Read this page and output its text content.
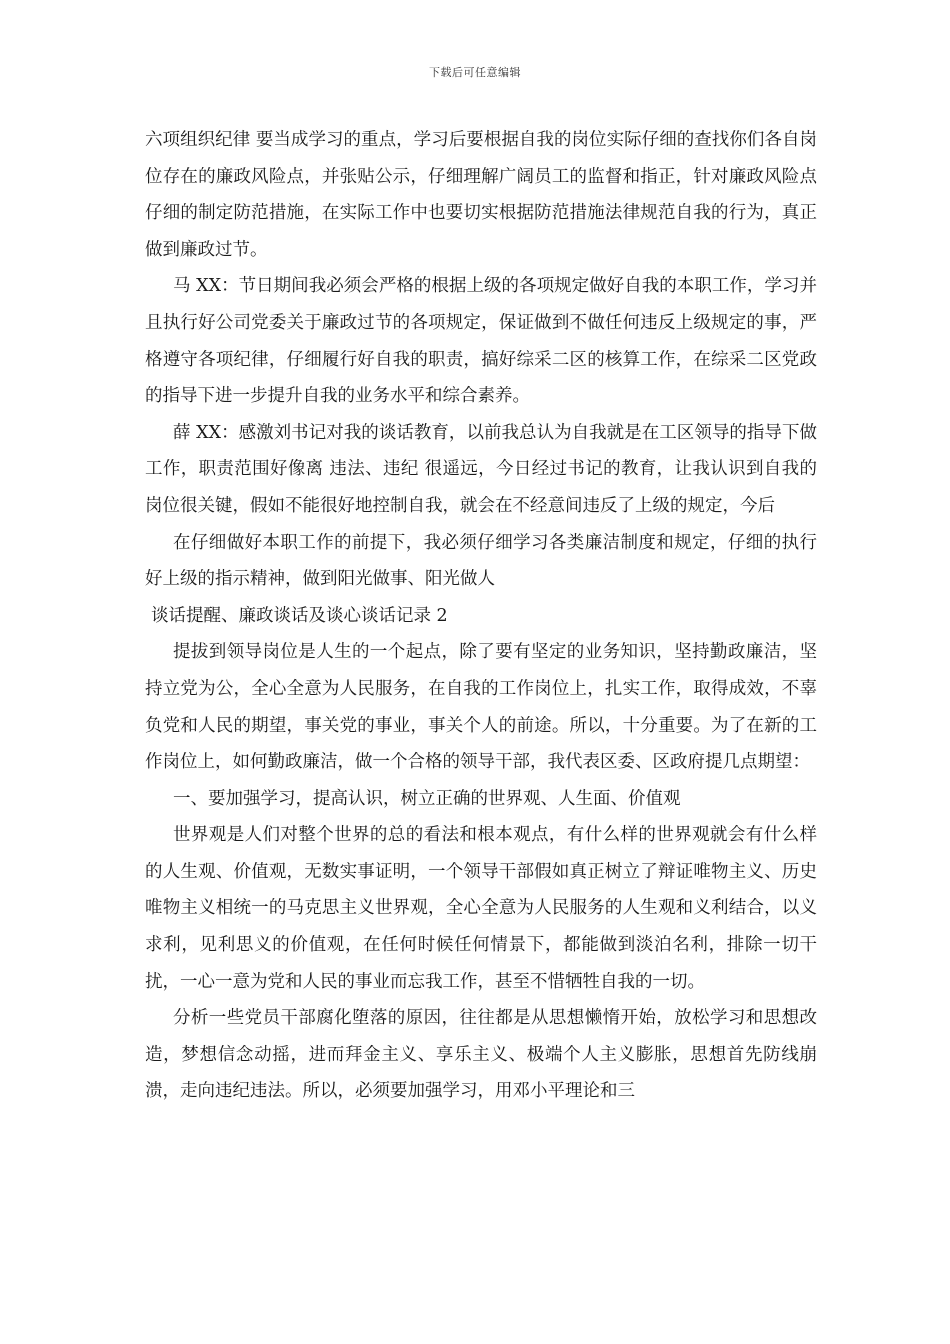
下载后可任意编辑

六项组织纪律 要当成学习的重点，学习后要根据自我的岗位实际仔细的查找你们各自岗位存在的廉政风险点，并张贴公示，仔细理解广阔员工的监督和指正，针对廉政风险点仔细的制定防范措施，在实际工作中也要切实根据防范措施法律规范自我的行为，真正做到廉政过节。

马 XX：节日期间我必须会严格的根据上级的各项规定做好自我的本职工作，学习并且执行好公司党委关于廉政过节的各项规定，保证做到不做任何违反上级规定的事，严格遵守各项纪律，仔细履行好自我的职责，搞好综采二区的核算工作，在综采二区党政的指导下进一步提升自我的业务水平和综合素养。

薛 XX：感激刘书记对我的谈话教育，以前我总认为自我就是在工区领导的指导下做工作，职责范围好像离 违法、违纪 很遥远，今日经过书记的教育，让我认识到自我的岗位很关键，假如不能很好地控制自我，就会在不经意间违反了上级的规定，今后

在仔细做好本职工作的前提下，我必须仔细学习各类廉洁制度和规定，仔细的执行好上级的指示精神，做到阳光做事、阳光做人

谈话提醒、廉政谈话及谈心谈话记录 2

提拔到领导岗位是人生的一个起点，除了要有坚定的业务知识，坚持勤政廉洁，坚持立党为公，全心全意为人民服务，在自我的工作岗位上，扎实工作，取得成效，不辜负党和人民的期望，事关党的事业，事关个人的前途。所以，十分重要。为了在新的工作岗位上，如何勤政廉洁，做一个合格的领导干部，我代表区委、区政府提几点期望：

一、要加强学习，提高认识，树立正确的世界观、人生面、价值观

世界观是人们对整个世界的总的看法和根本观点，有什么样的世界观就会有什么样的人生观、价值观，无数实事证明，一个领导干部假如真正树立了辩证唯物主义、历史唯物主义相统一的马克思主义世界观，全心全意为人民服务的人生观和义利结合，以义求利，见利思义的价值观，在任何时候任何情景下，都能做到淡泊名利，排除一切干扰，一心一意为党和人民的事业而忘我工作，甚至不惜牺牲自我的一切。

分析一些党员干部腐化堕落的原因，往往都是从思想懒惰开始，放松学习和思想改造，梦想信念动摇，进而拜金主义、享乐主义、极端个人主义膨胀，思想首先防线崩溃，走向违纪违法。所以，必须要加强学习，用邓小平理论和三
